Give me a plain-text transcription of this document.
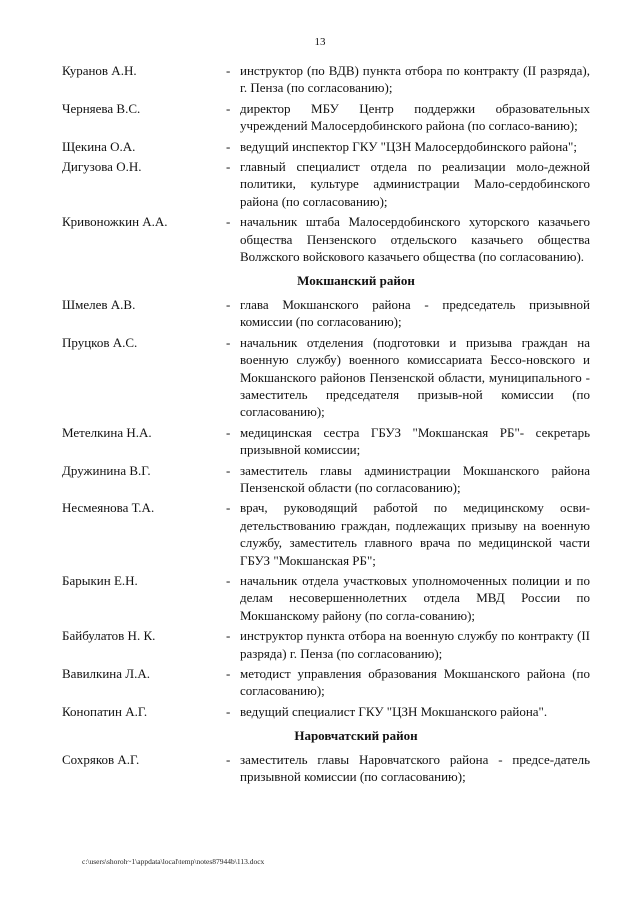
13
Куранов А.Н.	- инструктор (по ВДВ) пункта отбора по контракту (II разряда), г. Пенза (по согласованию);
Черняева В.С.	- директор МБУ Центр поддержки образовательных учреждений Малосердобинского района (по согласо-ванию);
Щекина О.А.	- ведущий инспектор ГКУ "ЦЗН Малосердобинского района";
Дигузова О.Н.	- главный специалист отдела по реализации моло-дежной политики, культуре администрации Мало-сердобинского района (по согласованию);
Кривоножкин А.А.	- начальник штаба Малосердобинского хуторского казачьего общества Пензенского отдельского казачьего общества Волжского войскового казачьего общества (по согласованию).
Мокшанский район
Шмелев А.В.	- глава Мокшанского района - председатель призывной комиссии (по согласованию);
Пруцков А.С.	- начальник отделения (подготовки и призыва граждан на военную службу) военного комиссариата Бессо-новского и Мокшанского районов Пензенской области, муниципального - заместитель председателя призыв-ной комиссии (по согласованию);
Метелкина Н.А.	- медицинская сестра ГБУЗ "Мокшанская РБ"- секретарь призывной комиссии;
Дружинина В.Г.	- заместитель главы администрации Мокшанского района Пензенской области (по согласованию);
Несмеянова Т.А.	- врач, руководящий работой по медицинскому осви-детельствованию граждан, подлежащих призыву на военную службу, заместитель главного врача по медицинской части ГБУЗ "Мокшанская РБ";
Барыкин Е.Н.	- начальник отдела участковых уполномоченных полиции и по делам несовершеннолетних отдела МВД России по Мокшанскому району (по согла-сованию);
Байбулатов Н. К.	- инструктор пункта отбора на военную службу по контракту (II разряда) г. Пенза (по согласованию);
Вавилкина Л.А.	- методист управления образования Мокшанского района (по согласованию);
Конопатин А.Г.	- ведущий специалист ГКУ "ЦЗН Мокшанского района".
Наровчатский район
Сохряков А.Г.	- заместитель главы Наровчатского района - предсе-датель призывной комиссии (по согласованию);
c:\users\shoroh~1\appdata\local\temp\notes87944b\113.docx
